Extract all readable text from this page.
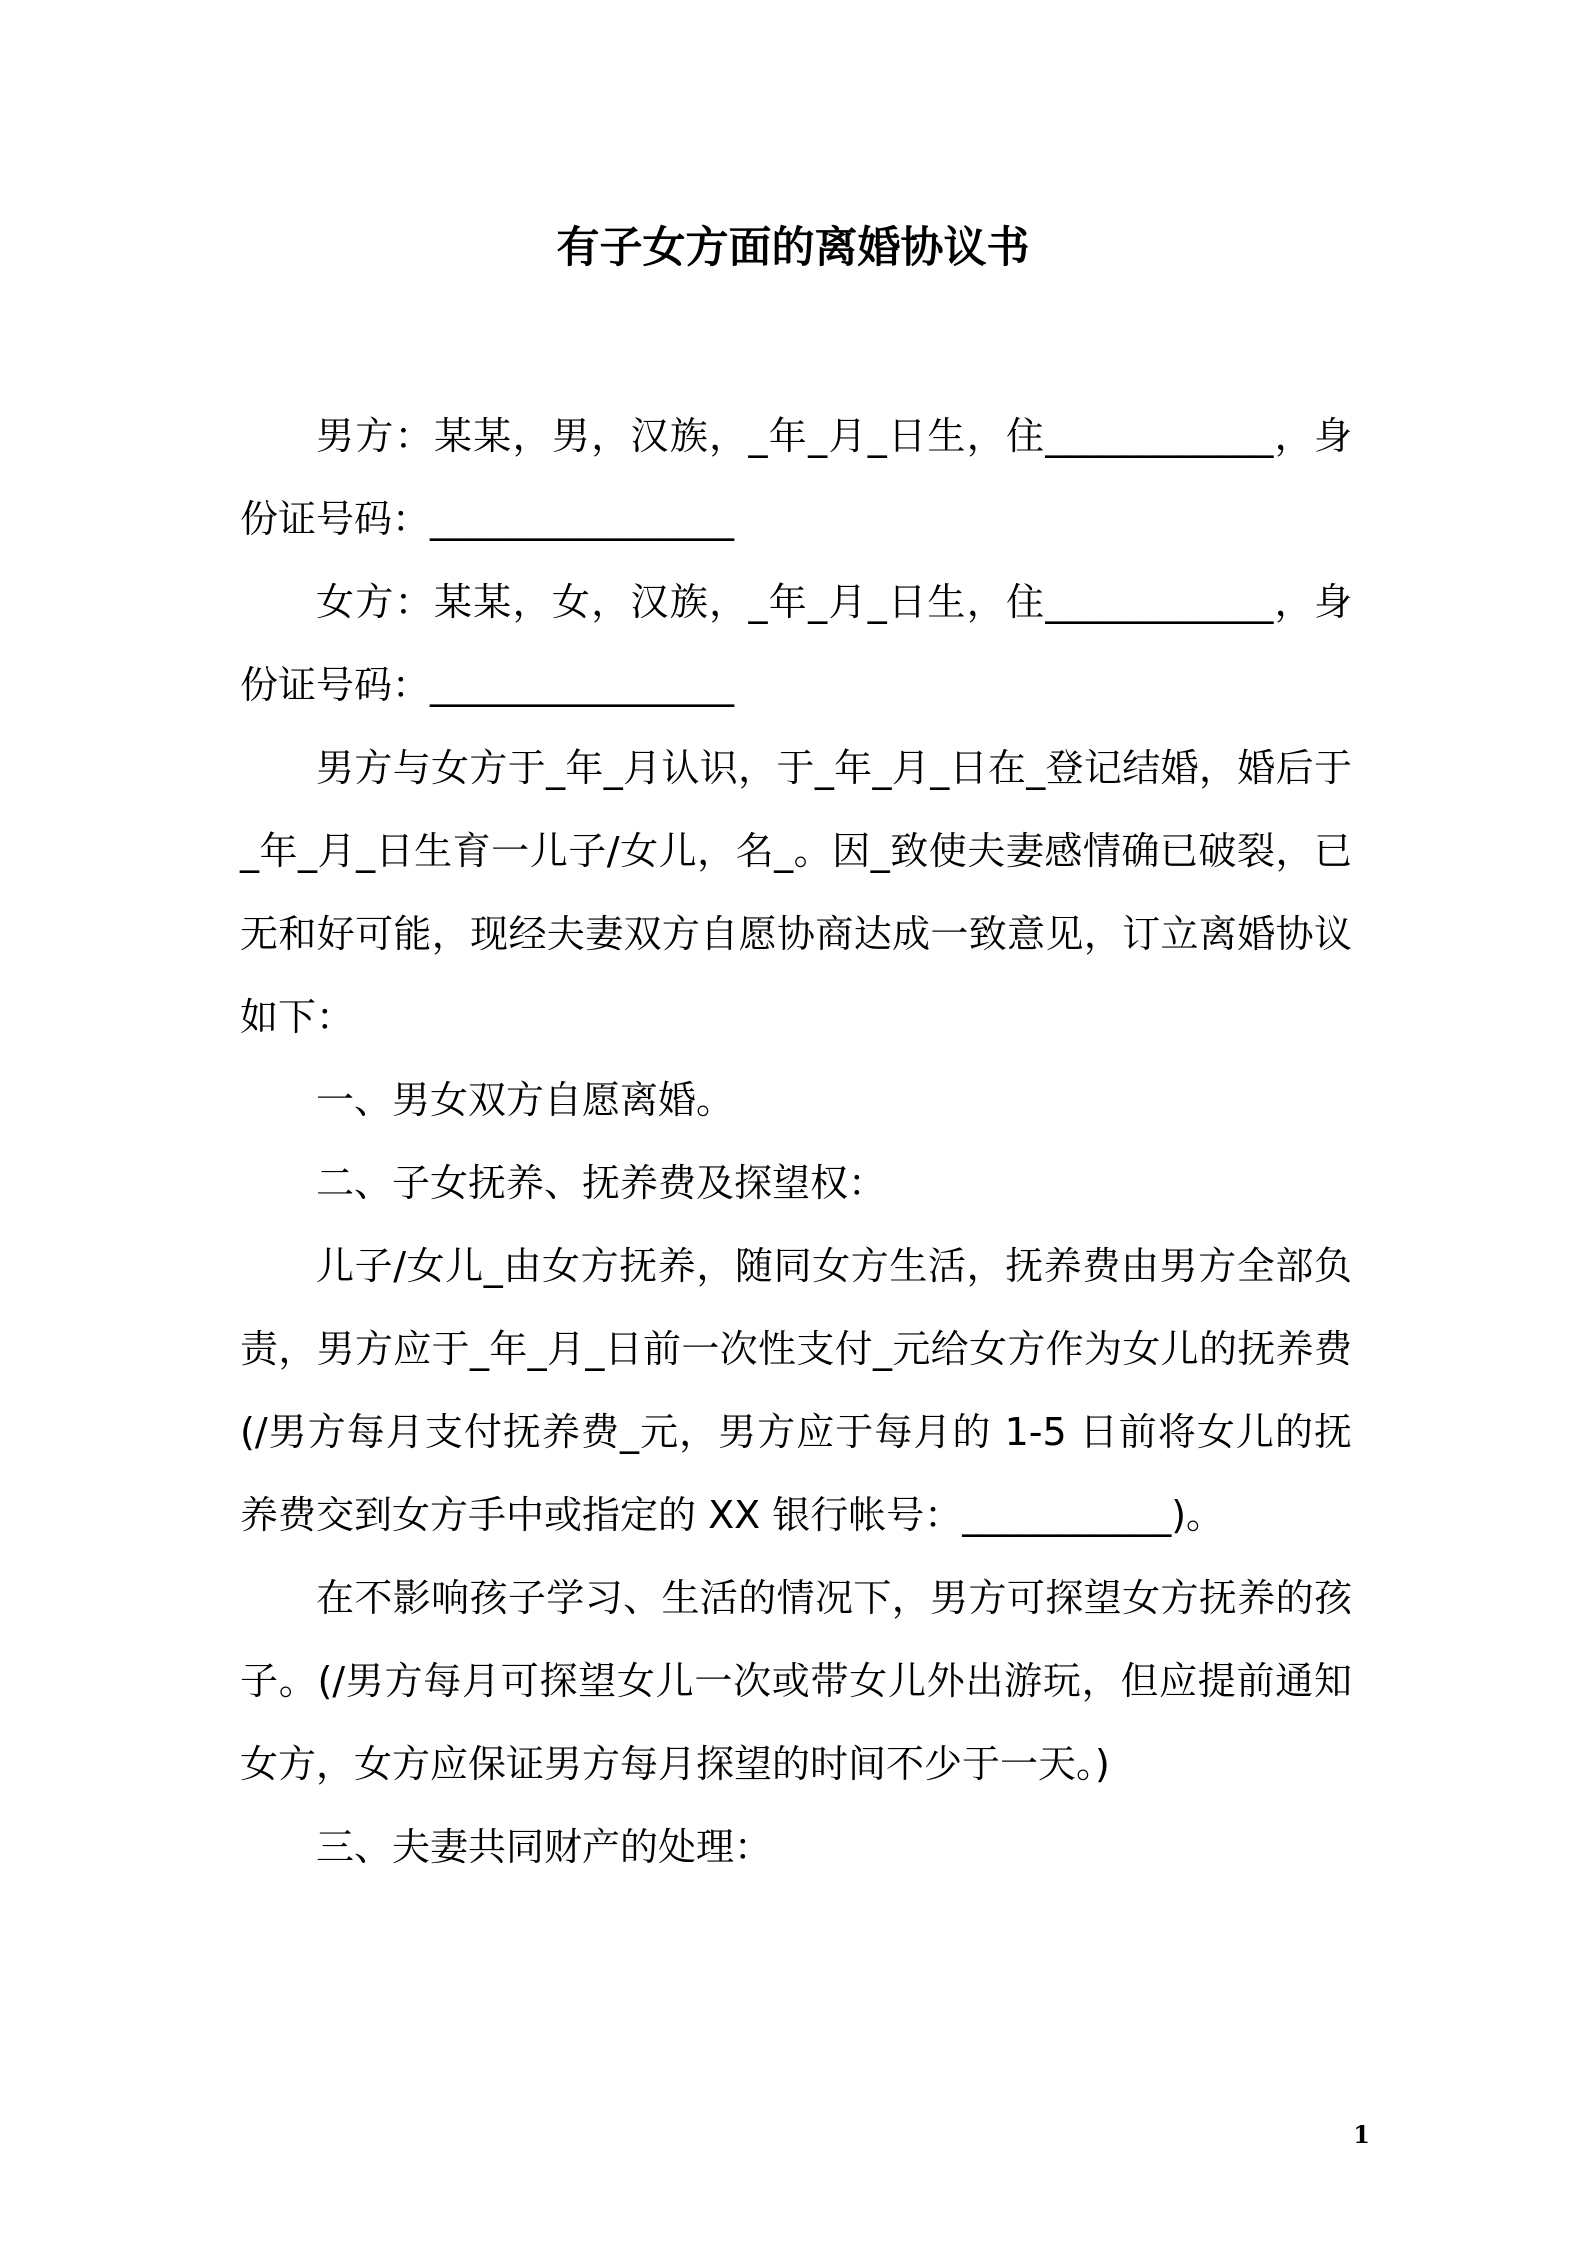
有子女方面的离婚协议书

男方：某某，男，汉族，_年_月_日生，住____________，身份证号码：________________

女方：某某，女，汉族，_年_月_日生，住____________，身份证号码：________________

男方与女方于_年_月认识，于_年_月_日在_登记结婚，婚后于_年_月_日生育一儿子/女儿，名_。因_致使夫妻感情确已破裂，已无和好可能，现经夫妻双方自愿协商达成一致意见，订立离婚协议如下：

一、男女双方自愿离婚。

二、子女抚养、抚养费及探望权：

儿子/女儿_由女方抚养，随同女方生活，抚养费由男方全部负责，男方应于_年_月_日前一次性支付_元给女方作为女儿的抚养费(/男方每月支付抚养费_元，男方应于每月的 1-5 日前将女儿的抚养费交到女方手中或指定的 XX 银行帐号：___________)。

在不影响孩子学习、生活的情况下，男方可探望女方抚养的孩子。(/男方每月可探望女儿一次或带女儿外出游玩，但应提前通知女方，女方应保证男方每月探望的时间不少于一天。)

三、夫妻共同财产的处理：

1
